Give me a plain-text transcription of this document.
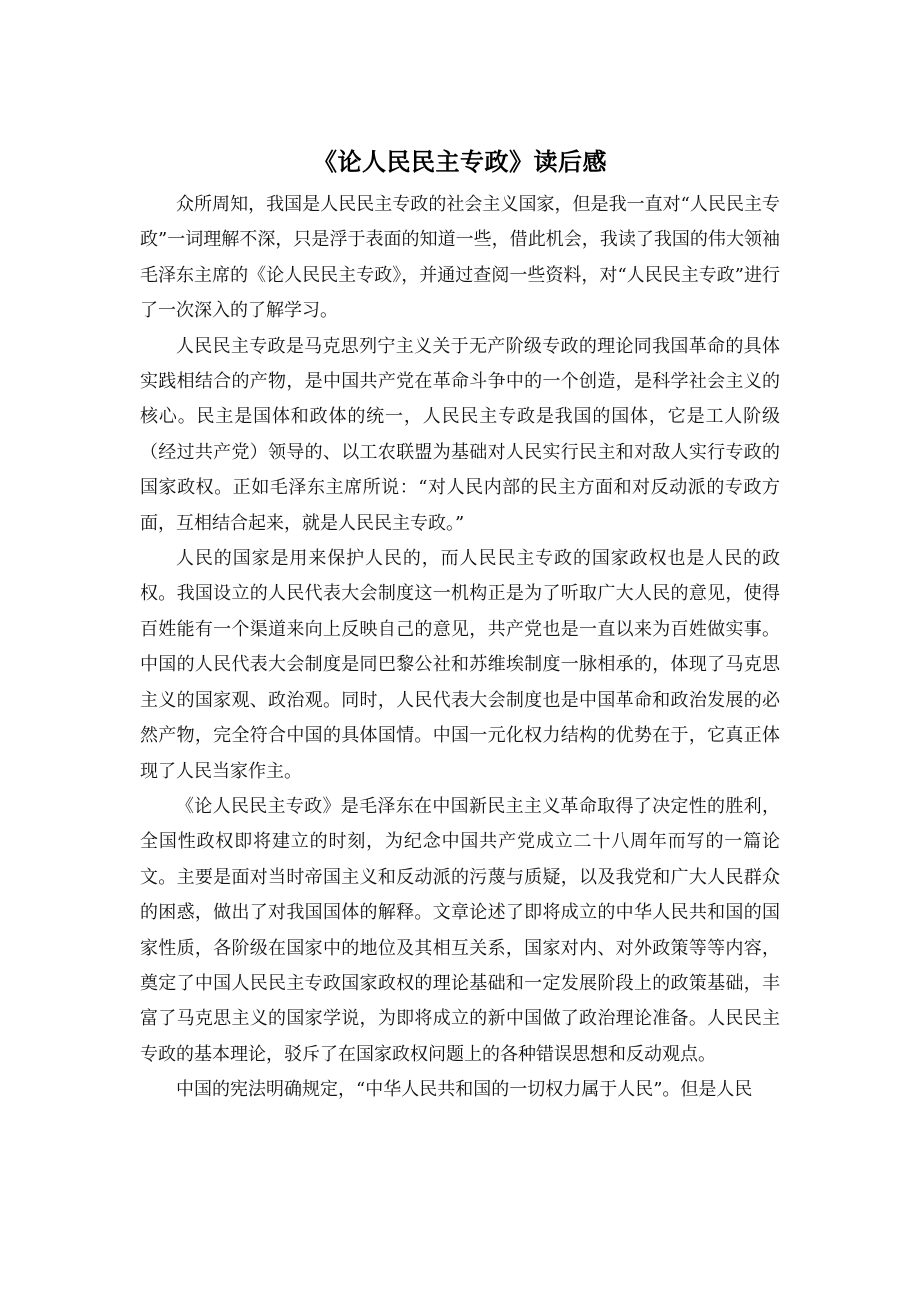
《论人民民主专政》读后感

众所周知，我国是人民民主专政的社会主义国家，但是我一直对“人民民主专政”一词理解不深，只是浮于表面的知道一些，借此机会，我读了我国的伟大领袖毛泽东主席的《论人民民主专政》，并通过查阅一些资料，对“人民民主专政”进行了一次深入的了解学习。

人民民主专政是马克思列宁主义关于无产阶级专政的理论同我国革命的具体实践相结合的产物，是中国共产党在革命斗争中的一个创造，是科学社会主义的核心。民主是国体和政体的统一，人民民主专政是我国的国体，它是工人阶级（经过共产党）领导的、以工农联盟为基础对人民实行民主和对敌人实行专政的国家政权。正如毛泽东主席所说：“对人民内部的民主方面和对反动派的专政方面，互相结合起来，就是人民民主专政。”

人民的国家是用来保护人民的，而人民民主专政的国家政权也是人民的政权。我国设立的人民代表大会制度这一机构正是为了听取广大人民的意见，使得百姓能有一个渠道来向上反映自己的意见，共产党也是一直以来为百姓做实事。中国的人民代表大会制度是同巴黎公社和苏维埃制度一脉相承的，体现了马克思主义的国家观、政治观。同时，人民代表大会制度也是中国革命和政治发展的必然产物，完全符合中国的具体国情。中国一元化权力结构的优势在于，它真正体现了人民当家作主。

《论人民民主专政》是毛泽东在中国新民主主义革命取得了决定性的胜利，全国性政权即将建立的时刻，为纪念中国共产党成立二十八周年而写的一篇论文。主要是面对当时帝国主义和反动派的污蔑与质疑，以及我党和广大人民群众的困惑，做出了对我国国体的解释。文章论述了即将成立的中华人民共和国的国家性质，各阶级在国家中的地位及其相互关系，国家对内、对外政策等等内容，奠定了中国人民民主专政国家政权的理论基础和一定发展阶段上的政策基础，丰富了马克思主义的国家学说，为即将成立的新中国做了政治理论准备。人民民主专政的基本理论，驳斥了在国家政权问题上的各种错误思想和反动观点。

中国的宪法明确规定，“中华人民共和国的一切权力属于人民”。但是人民
